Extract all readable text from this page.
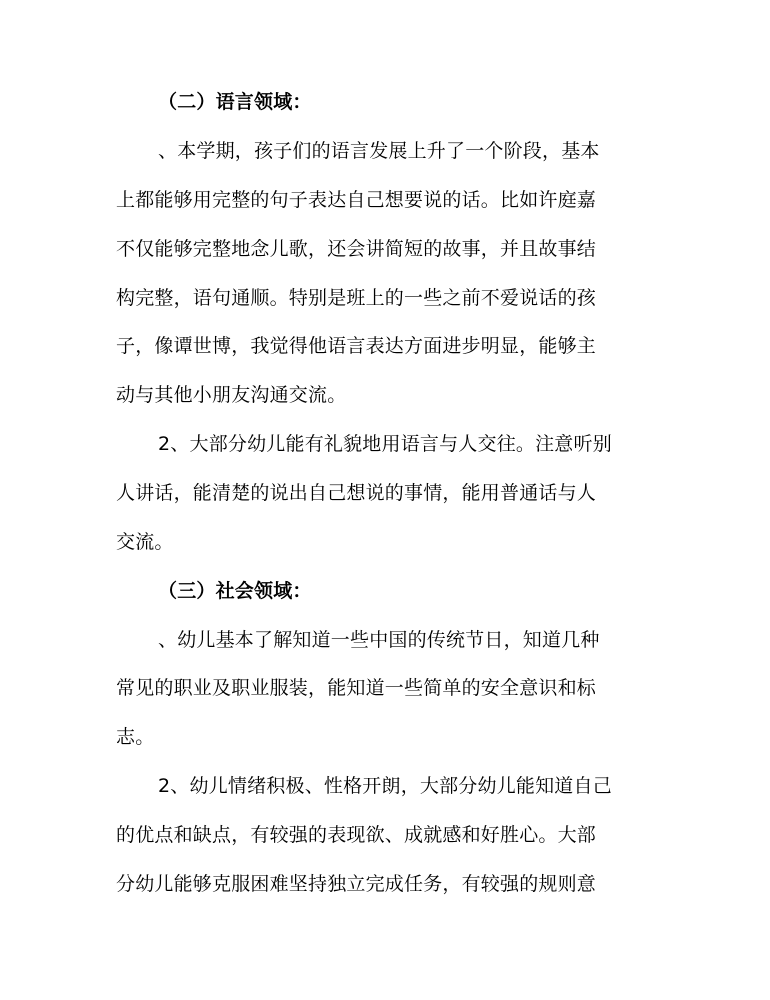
（二）语言领域：
、本学期，孩子们的语言发展上升了一个阶段，基本
上都能够用完整的句子表达自己想要说的话。比如许庭嘉
不仅能够完整地念儿歌，还会讲简短的故事，并且故事结
构完整，语句通顺。特别是班上的一些之前不爱说话的孩
子，像谭世博，我觉得他语言表达方面进步明显，能够主
动与其他小朋友沟通交流。
2、大部分幼儿能有礼貌地用语言与人交往。注意听别
人讲话，能清楚的说出自己想说的事情，能用普通话与人
交流。
（三）社会领域：
、幼儿基本了解知道一些中国的传统节日，知道几种
常见的职业及职业服装，能知道一些简单的安全意识和标
志。
2、幼儿情绪积极、性格开朗，大部分幼儿能知道自己
的优点和缺点，有较强的表现欲、成就感和好胜心。大部
分幼儿能够克服困难坚持独立完成任务，有较强的规则意
